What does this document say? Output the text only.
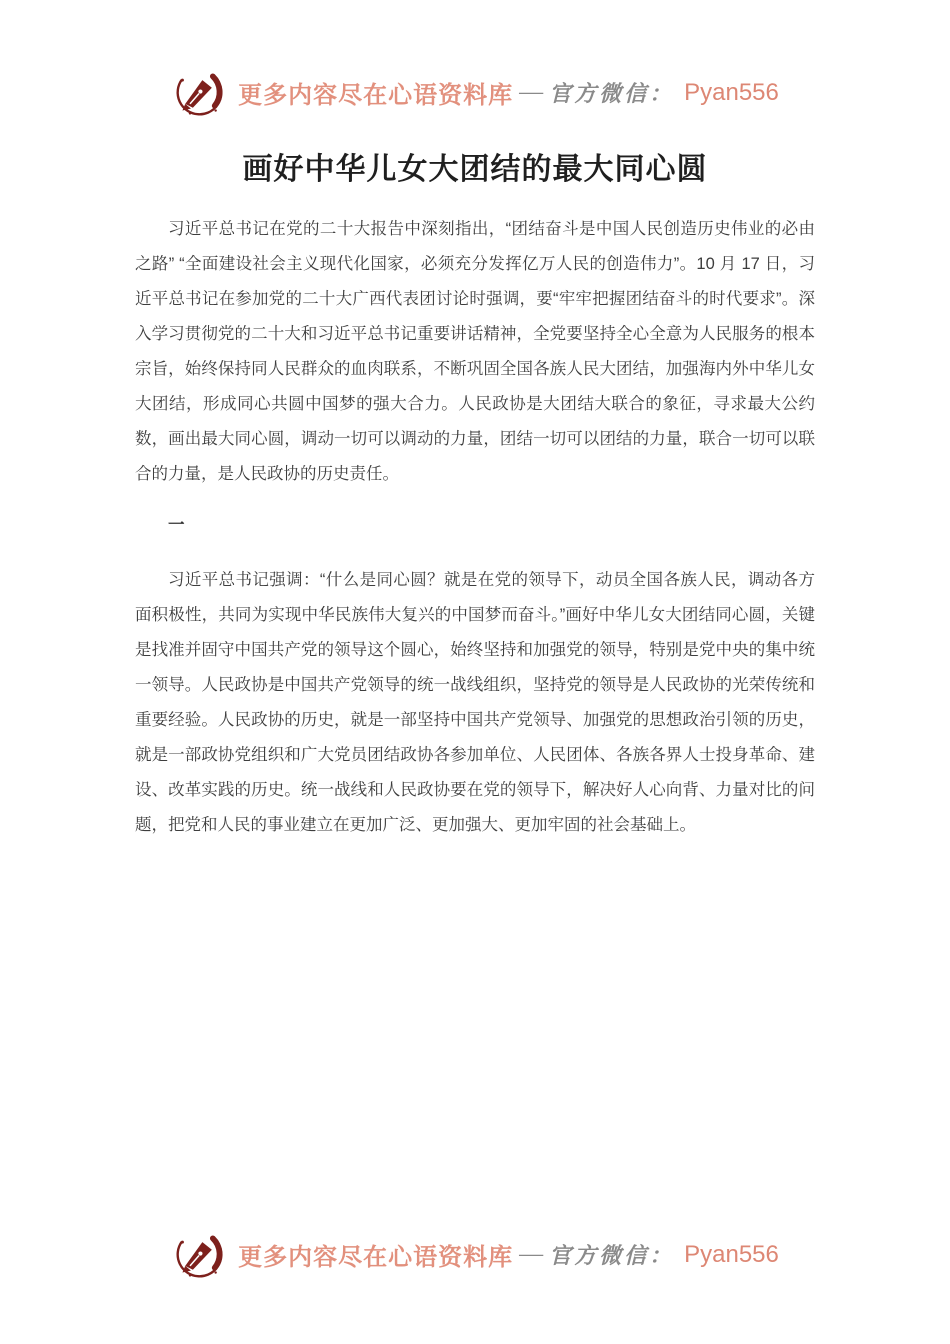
更多内容尽在心语资料库 — 官方微信： Pyan556
画好中华儿女大团结的最大同心圆

习近平总书记在党的二十大报告中深刻指出，“团结奋斗是中国人民创造历史伟业的必由之路” “全面建设社会主义现代化国家，必须充分发挥亿万人民的创造伟力”。10 月 17 日，习近平总书记在参加党的二十大广西代表团讨论时强调，要“牢牢把握团结奋斗的时代要求”。深入学习贯彻党的二十大和习近平总书记重要讲话精神，全党要坚持全心全意为人民服务的根本宗旨，始终保持同人民群众的血肉联系，不断巩固全国各族人民大团结，加强海内外中华儿女大团结，形成同心共圆中国梦的强大合力。人民政协是大团结大联合的象征，寻求最大公约数，画出最大同心圆，调动一切可以调动的力量，团结一切可以团结的力量，联合一切可以联合的力量，是人民政协的历史责任。

一

习近平总书记强调：“什么是同心圆？就是在党的领导下，动员全国各族人民，调动各方面积极性，共同为实现中华民族伟大复兴的中国梦而奋斗。”画好中华儿女大团结同心圆，关键是找准并固守中国共产党的领导这个圆心，始终坚持和加强党的领导，特别是党中央的集中统一领导。人民政协是中国共产党领导的统一战线组织，坚持党的领导是人民政协的光荣传统和重要经验。人民政协的历史，就是一部坚持中国共产党领导、加强党的思想政治引领的历史，就是一部政协党组织和广大党员团结政协各参加单位、人民团体、各族各界人士投身革命、建设、改革实践的历史。统一战线和人民政协要在党的领导下，解决好人心向背、力量对比的问题，把党和人民的事业建立在更加广泛、更加强大、更加牢固的社会基础上。

更多内容尽在心语资料库 — 官方微信： Pyan556
